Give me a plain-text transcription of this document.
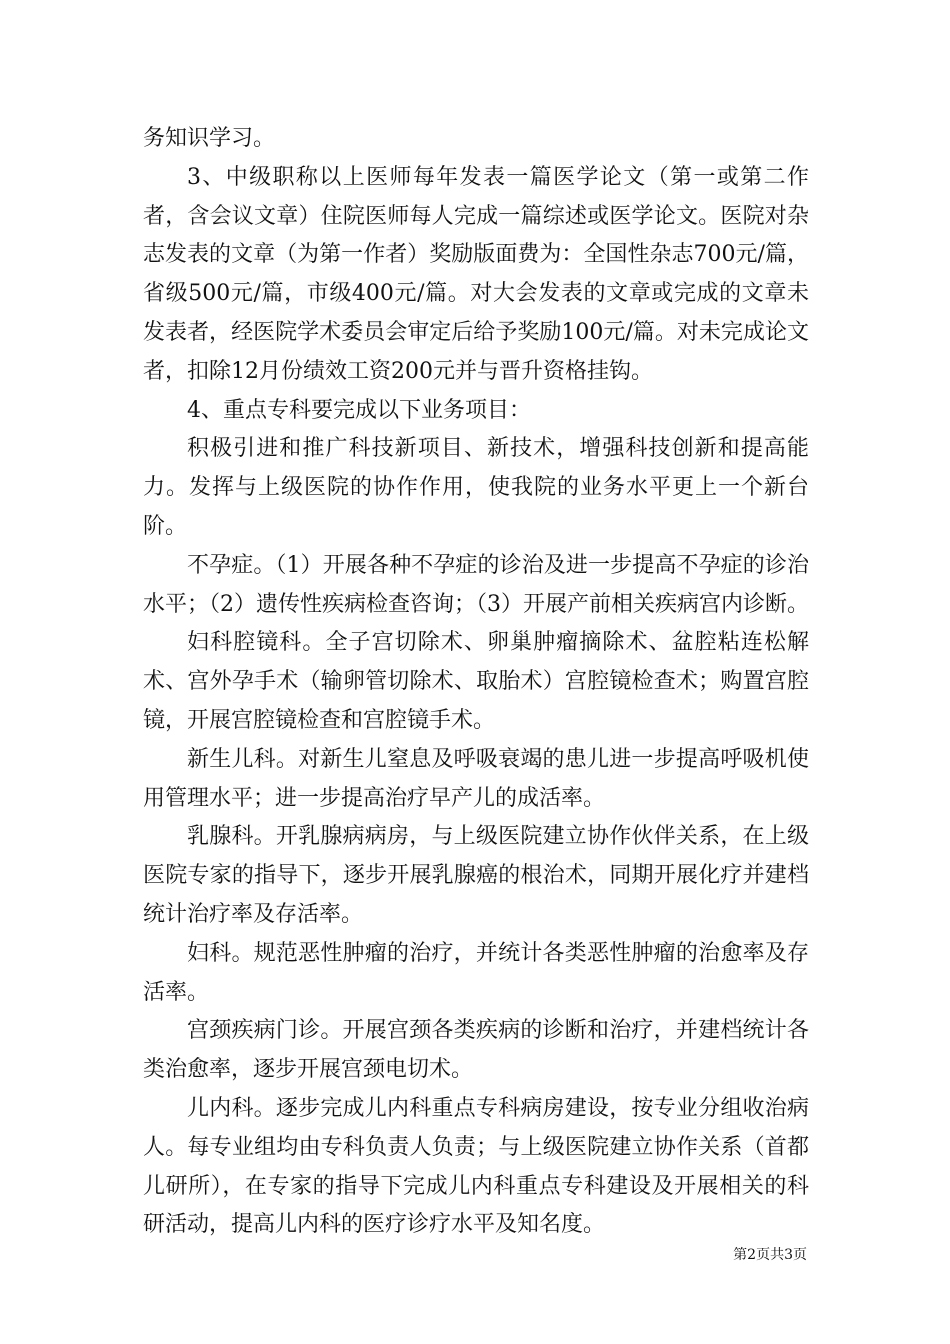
务知识学习。

3、中级职称以上医师每年发表一篇医学论文（第一或第二作者，含会议文章）住院医师每人完成一篇综述或医学论文。医院对杂志发表的文章（为第一作者）奖励版面费为：全国性杂志700元/篇，省级500元/篇，市级400元/篇。对大会发表的文章或完成的文章未发表者，经医院学术委员会审定后给予奖励100元/篇。对未完成论文者，扣除12月份绩效工资200元并与晋升资格挂钩。

4、重点专科要完成以下业务项目：

积极引进和推广科技新项目、新技术，增强科技创新和提高能力。发挥与上级医院的协作作用，使我院的业务水平更上一个新台阶。

不孕症。（1）开展各种不孕症的诊治及进一步提高不孕症的诊治水平；（2）遗传性疾病检查咨询；（3）开展产前相关疾病宫内诊断。

妇科腔镜科。全子宫切除术、卵巢肿瘤摘除术、盆腔粘连松解术、宫外孕手术（输卵管切除术、取胎术）宫腔镜检查术；购置宫腔镜，开展宫腔镜检查和宫腔镜手术。

新生儿科。对新生儿窒息及呼吸衰竭的患儿进一步提高呼吸机使用管理水平；进一步提高治疗早产儿的成活率。

乳腺科。开乳腺病病房，与上级医院建立协作伙伴关系，在上级医院专家的指导下，逐步开展乳腺癌的根治术，同期开展化疗并建档统计治疗率及存活率。

妇科。规范恶性肿瘤的治疗，并统计各类恶性肿瘤的治愈率及存活率。

宫颈疾病门诊。开展宫颈各类疾病的诊断和治疗，并建档统计各类治愈率，逐步开展宫颈电切术。

儿内科。逐步完成儿内科重点专科病房建设，按专业分组收治病人。每专业组均由专科负责人负责；与上级医院建立协作关系（首都儿研所），在专家的指导下完成儿内科重点专科建设及开展相关的科研活动，提高儿内科的医疗诊疗水平及知名度。

第2页共3页
